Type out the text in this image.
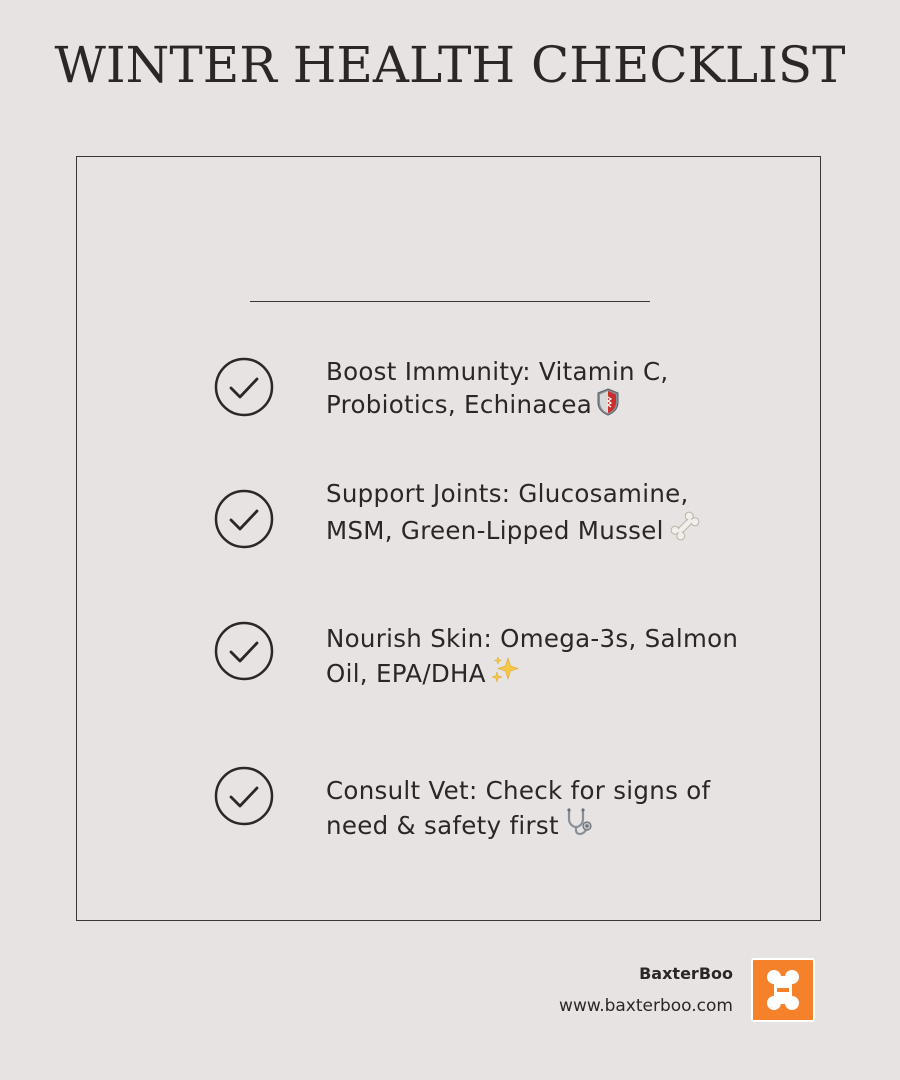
WINTER HEALTH CHECKLIST
Boost Immunity: Vitamin C, Probiotics, Echinacea
Support Joints: Glucosamine, MSM, Green-Lipped Mussel
Nourish Skin: Omega-3s, Salmon Oil, EPA/DHA
Consult Vet: Check for signs of need & safety first
BaxterBoo
www.baxterboo.com
